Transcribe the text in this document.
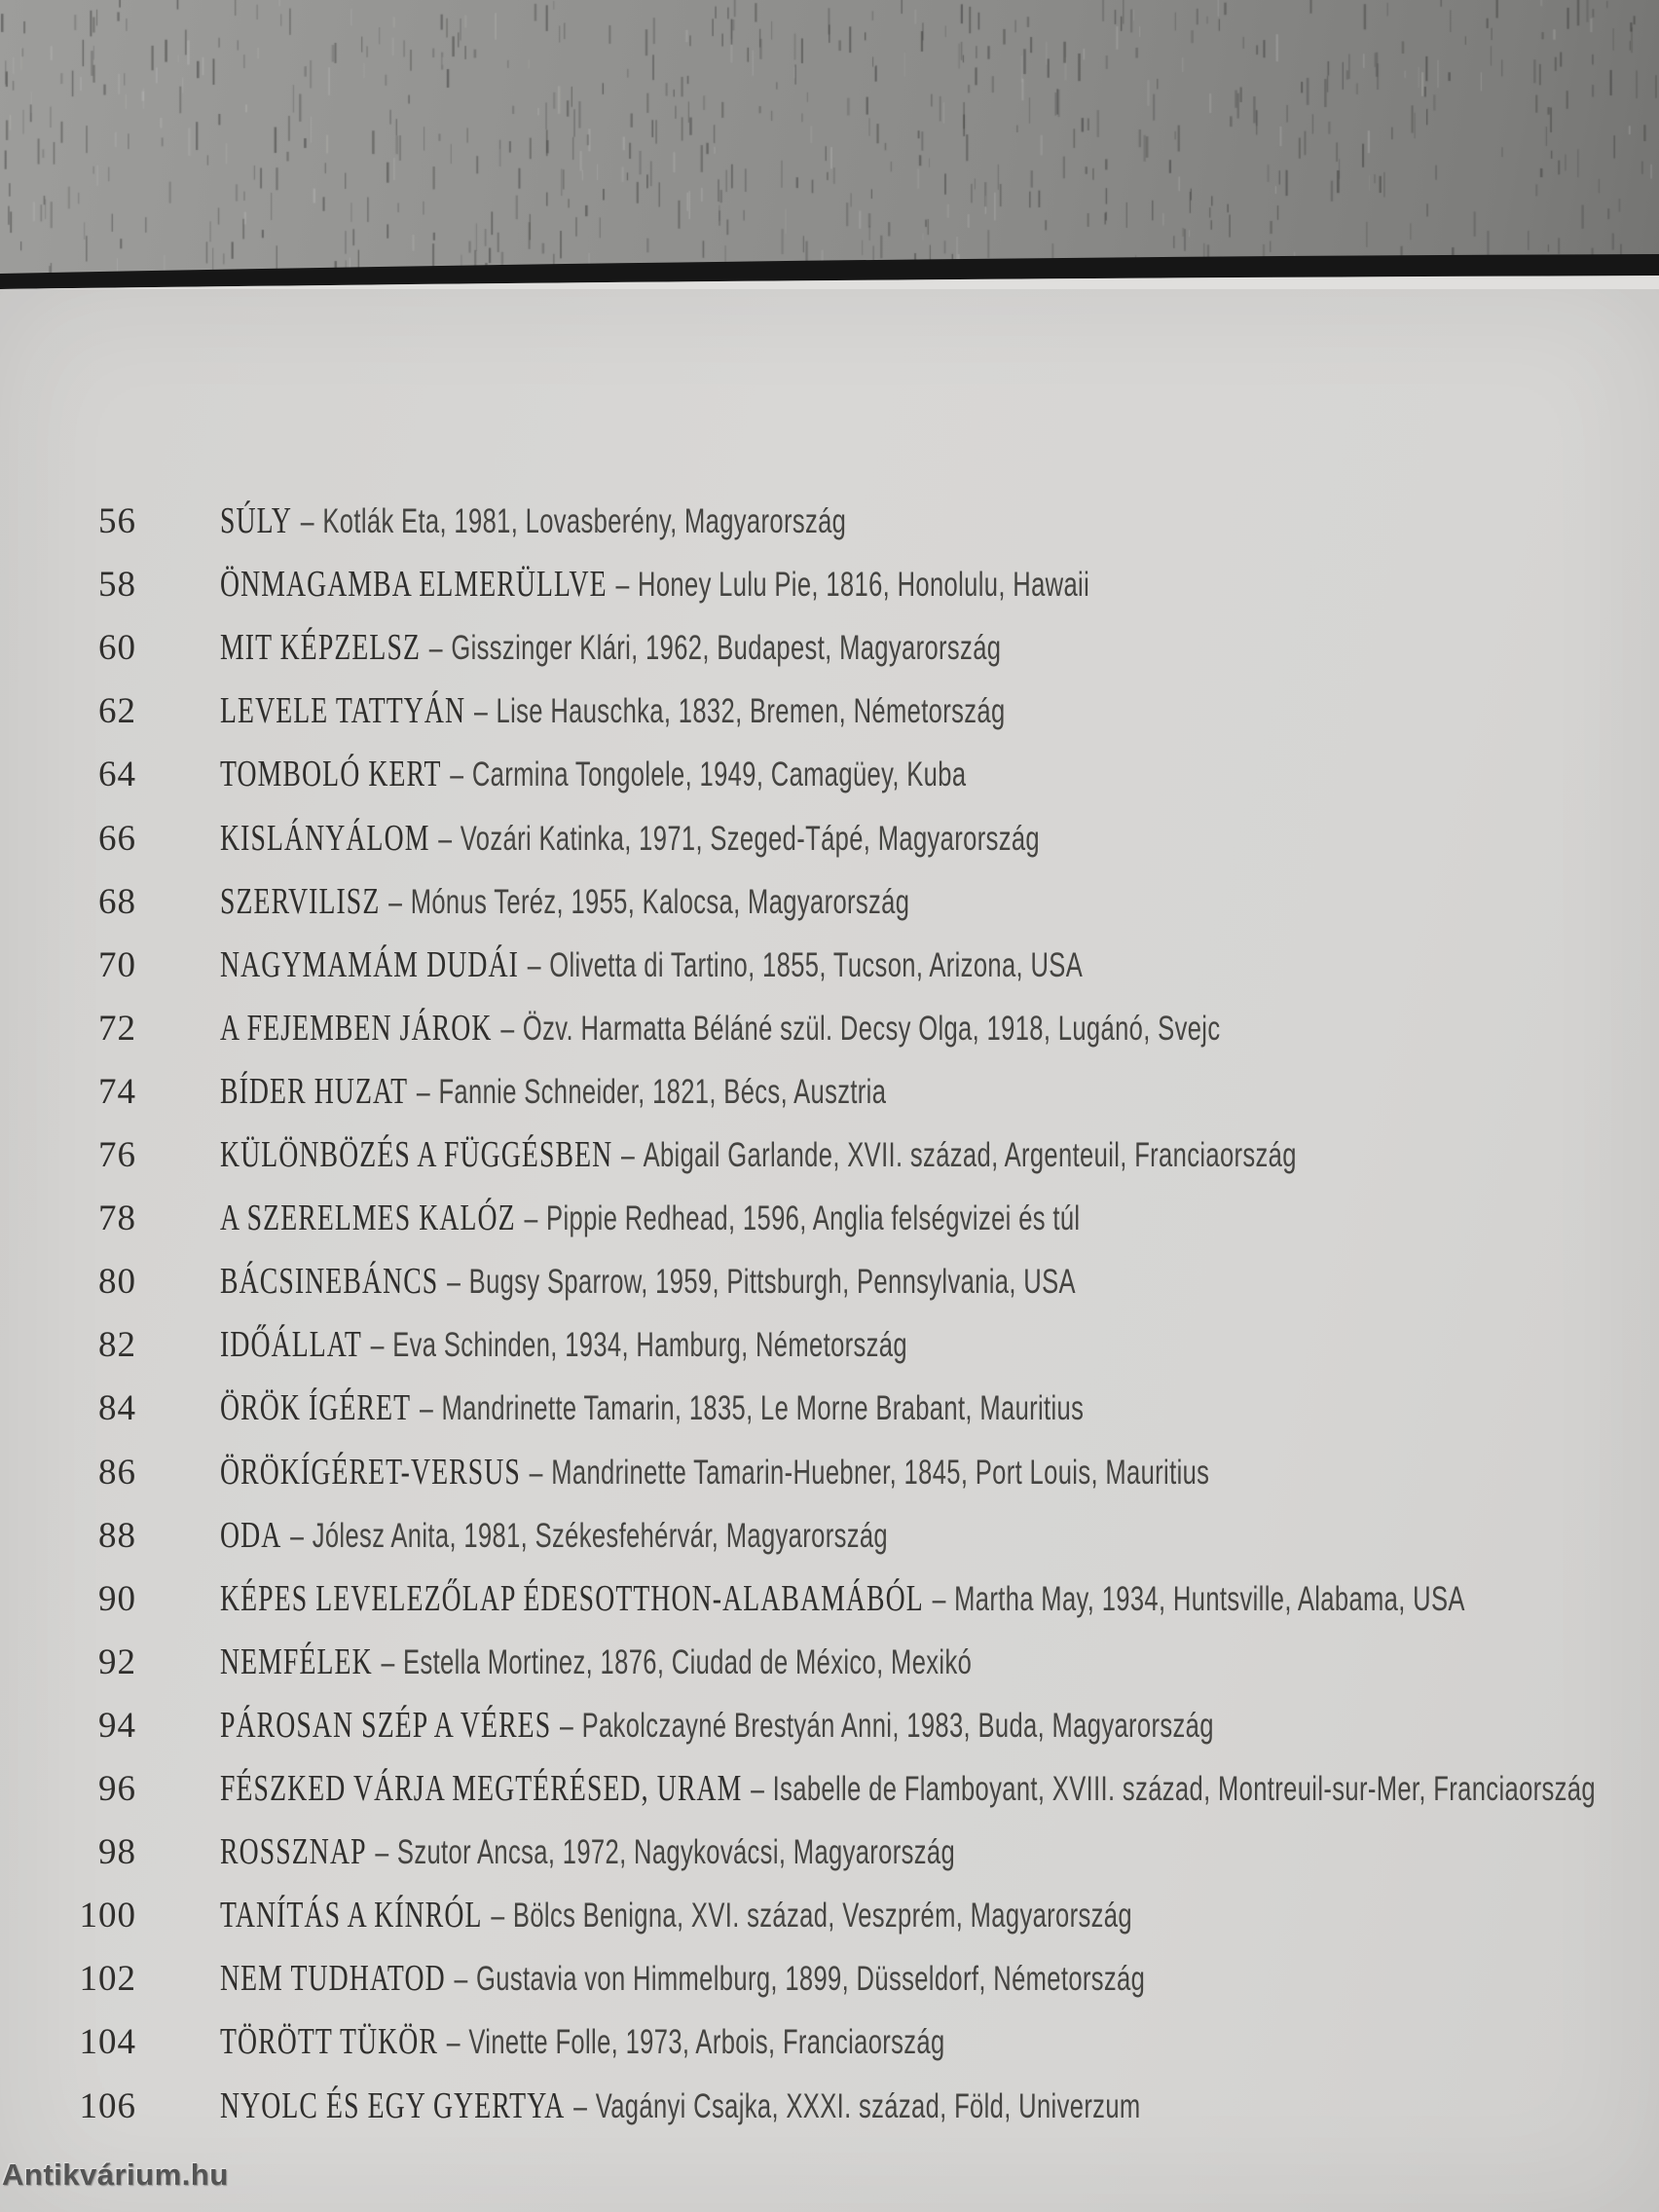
56 SÚLY – Kotlák Eta, 1981, Lovasberény, Magyarország
58 ÖNMAGAMBA ELMERÜLLVE – Honey Lulu Pie, 1816, Honolulu, Hawaii
60 MIT KÉPZELSZ – Gisszinger Klári, 1962, Budapest, Magyarország
62 LEVELE TATTYÁN – Lise Hauschka, 1832, Bremen, Németország
64 TOMBOLÓ KERT – Carmina Tongolele, 1949, Camagüey, Kuba
66 KISLÁNYÁLOM – Vozári Katinka, 1971, Szeged-Tápé, Magyarország
68 SZERVILISZ – Mónus Teréz, 1955, Kalocsa, Magyarország
70 NAGYMAMÁM DUDÁI – Olivetta di Tartino, 1855, Tucson, Arizona, USA
72 A FEJEMBEN JÁROK – Özv. Harmatta Béláné szül. Decsy Olga, 1918, Lugánó, Svejc
74 BÍDER HUZAT – Fannie Schneider, 1821, Bécs, Ausztria
76 KÜLÖNBÖZÉS A FÜGGÉSBEN – Abigail Garlande, XVII. század, Argenteuil, Franciaország
78 A SZERELMES KALÓZ – Pippie Redhead, 1596, Anglia felségvizei és túl
80 BÁCSINEBÁNCS – Bugsy Sparrow, 1959, Pittsburgh, Pennsylvania, USA
82 IDŐÁLLAT – Eva Schinden, 1934, Hamburg, Németország
84 ÖRÖK ÍGÉRET – Mandrinette Tamarin, 1835, Le Morne Brabant, Mauritius
86 ÖRÖKÍGÉRET-VERSUS – Mandrinette Tamarin-Huebner, 1845, Port Louis, Mauritius
88 ODA – Jólesz Anita, 1981, Székesfehérvár, Magyarország
90 KÉPES LEVELEZŐLAP ÉDESOTTHON-ALABAMÁBÓL – Martha May, 1934, Huntsville, Alabama, USA
92 NEMFÉLEK – Estella Mortinez, 1876, Ciudad de México, Mexikó
94 PÁROSAN SZÉP A VÉRES – Pakolczayné Brestyán Anni, 1983, Buda, Magyarország
96 FÉSZKED VÁRJA MEGTÉRÉSED, URAM – Isabelle de Flamboyant, XVIII. század, Montreuil-sur-Mer, Franciaország
98 ROSSZNAP – Szutor Ancsa, 1972, Nagykovácsi, Magyarország
100 TANÍTÁS A KÍNRÓL – Bölcs Benigna, XVI. század, Veszprém, Magyarország
102 NEM TUDHATOD – Gustavia von Himmelburg, 1899, Düsseldorf, Németország
104 TÖRÖTT TÜKÖR – Vinette Folle, 1973, Arbois, Franciaország
106 NYOLC ÉS EGY GYERTYA – Vagányi Csajka, XXXI. század, Föld, Univerzum
Antikvárium.hu
